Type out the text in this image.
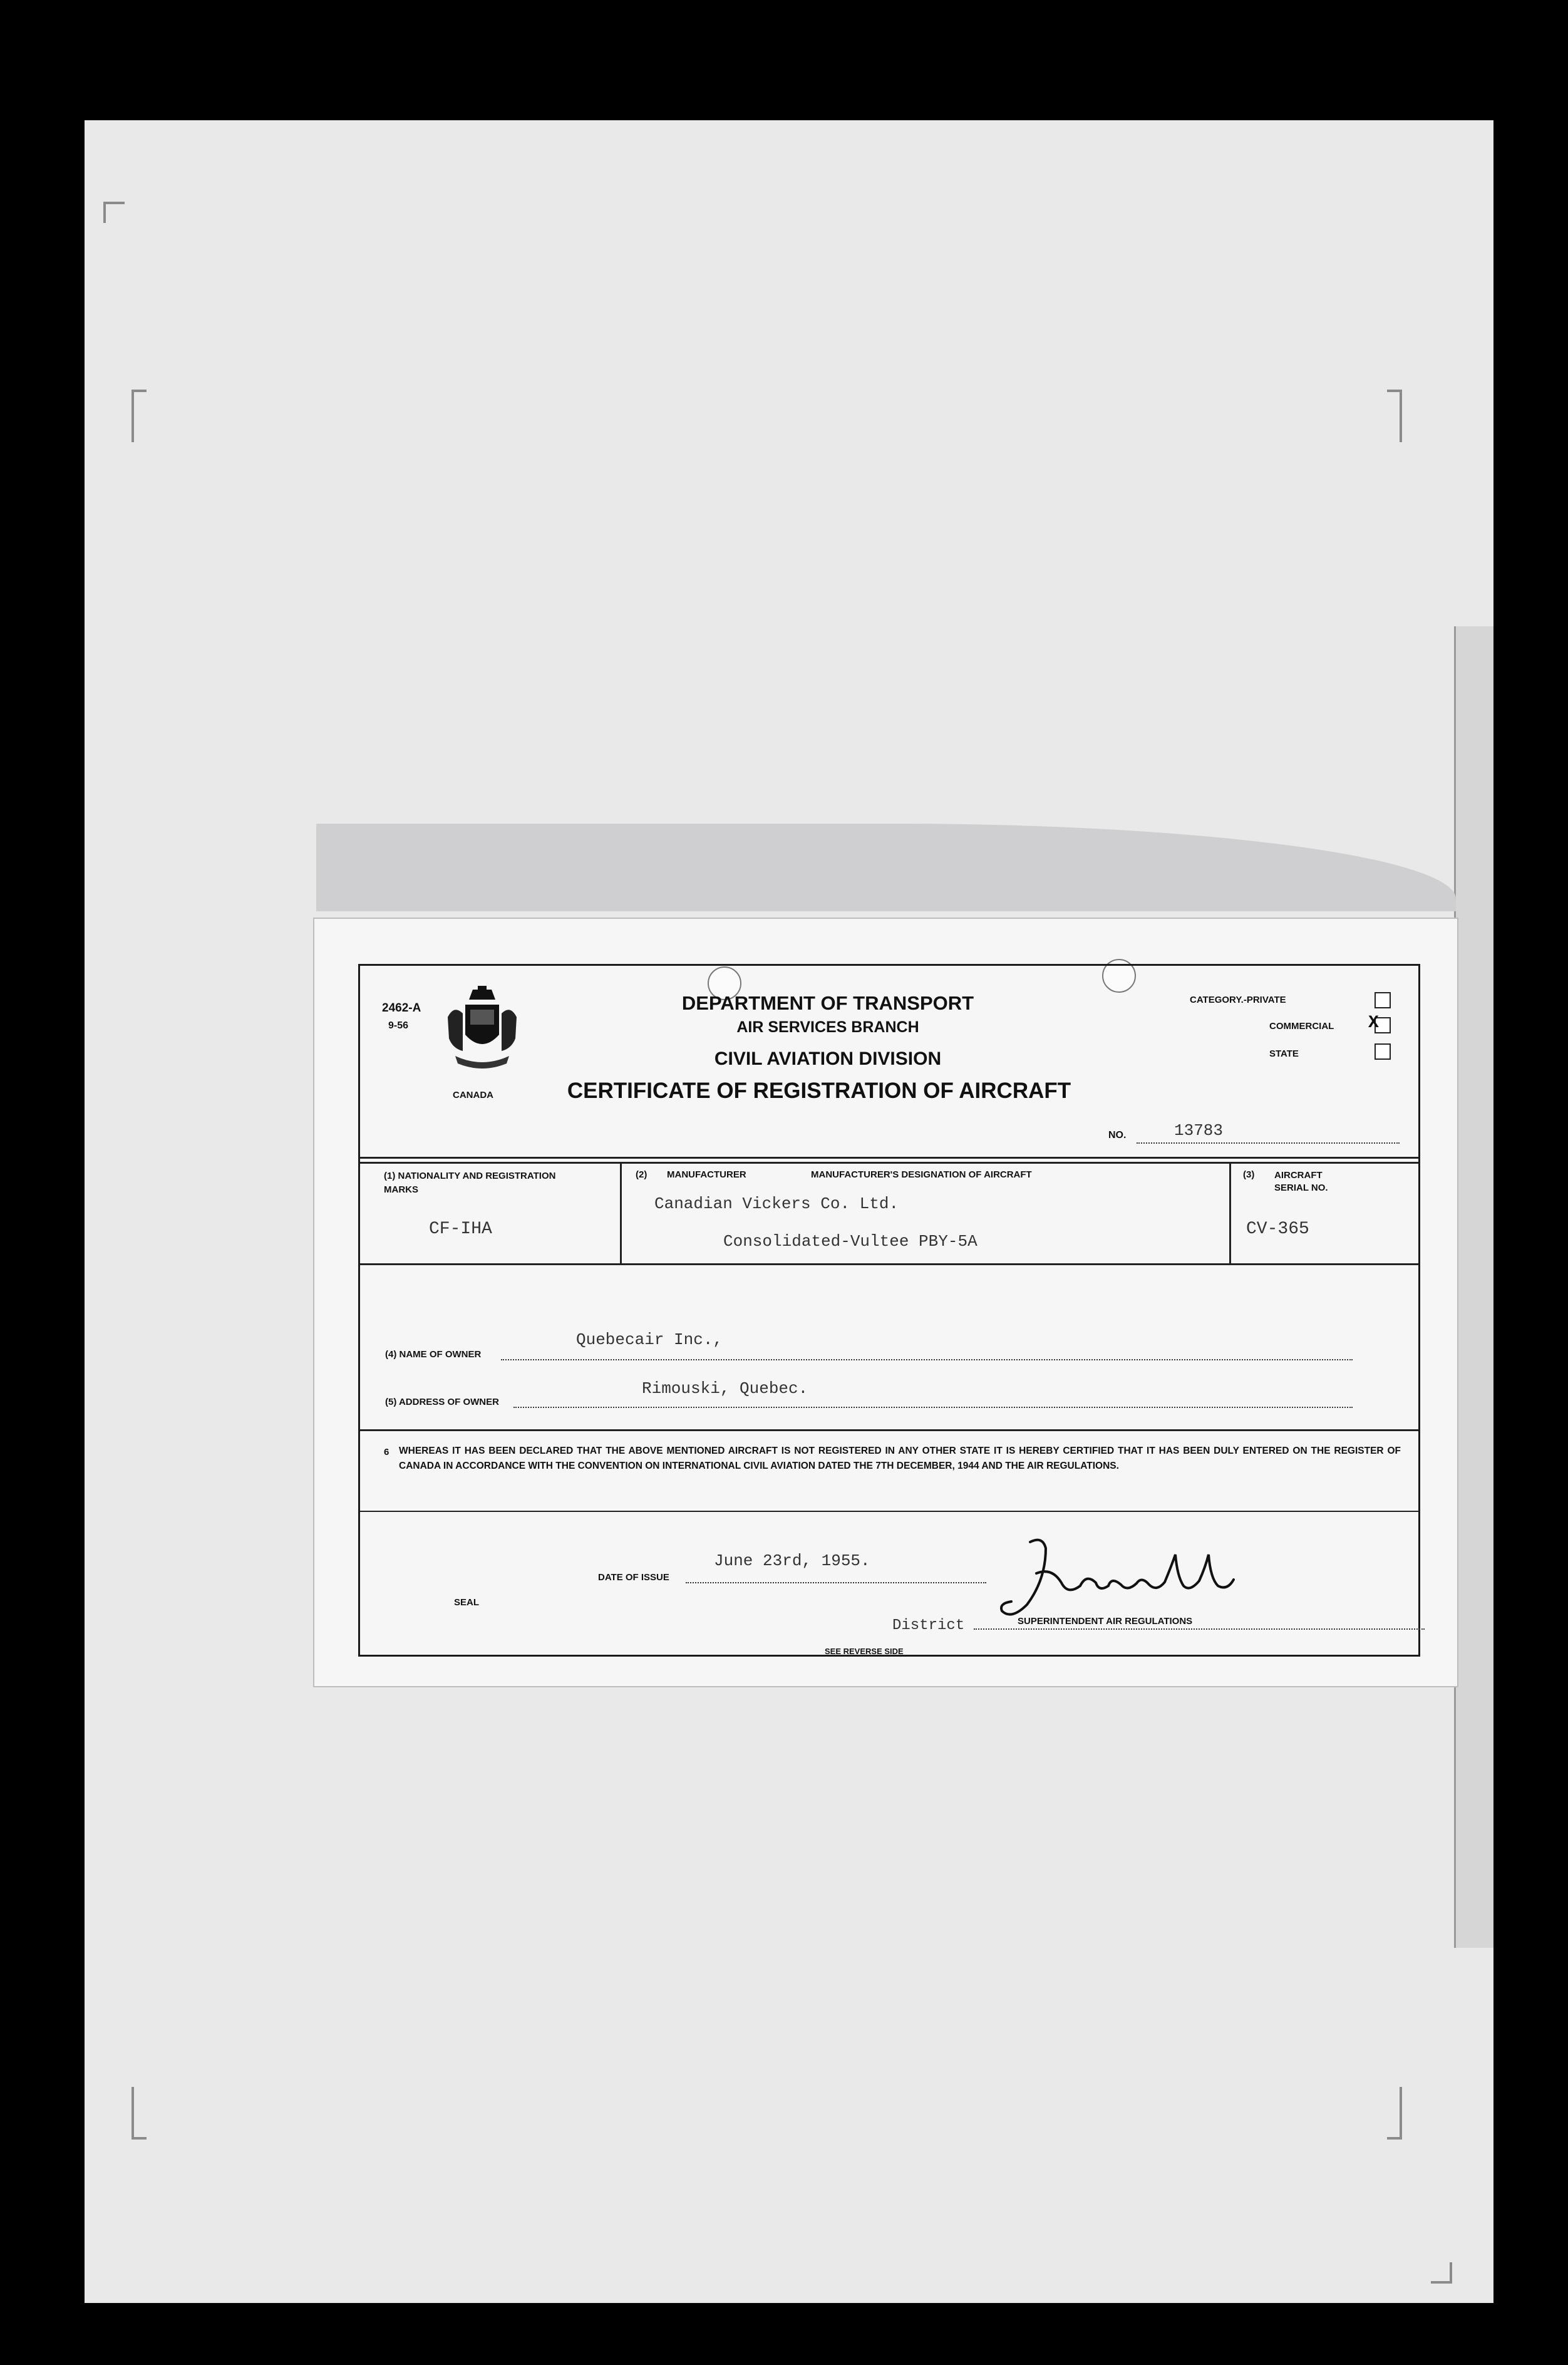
2462-A
9-56
CANADA
DEPARTMENT OF TRANSPORT
AIR SERVICES BRANCH
CIVIL AVIATION DIVISION
CERTIFICATE OF REGISTRATION OF AIRCRAFT
CATEGORY.-PRIVATE
COMMERCIAL X
STATE
NO.	13783
(1) NATIONALITY AND REGISTRATION MARKS
CF-IHA
(2) MANUFACTURER	MANUFACTURER'S DESIGNATION OF AIRCRAFT
Canadian Vickers Co. Ltd.
Consolidated-Vultee PBY-5A
(3) AIRCRAFT SERIAL NO.
CV-365
(4) NAME OF OWNER
Quebecair Inc.,
(5) ADDRESS OF OWNER
Rimouski, Quebec.
6 WHEREAS IT HAS BEEN DECLARED THAT THE ABOVE MENTIONED AIRCRAFT IS NOT REGISTERED IN ANY OTHER STATE IT IS HEREBY CERTIFIED THAT IT HAS BEEN DULY ENTERED ON THE REGISTER OF CANADA IN ACCORDANCE WITH THE CONVENTION ON INTERNATIONAL CIVIL AVIATION DATED THE 7TH DECEMBER, 1944 AND THE AIR REGULATIONS.
DATE OF ISSUE
June 23rd, 1955.
SEAL
District	SUPERINTENDENT AIR REGULATIONS
SEE REVERSE SIDE
